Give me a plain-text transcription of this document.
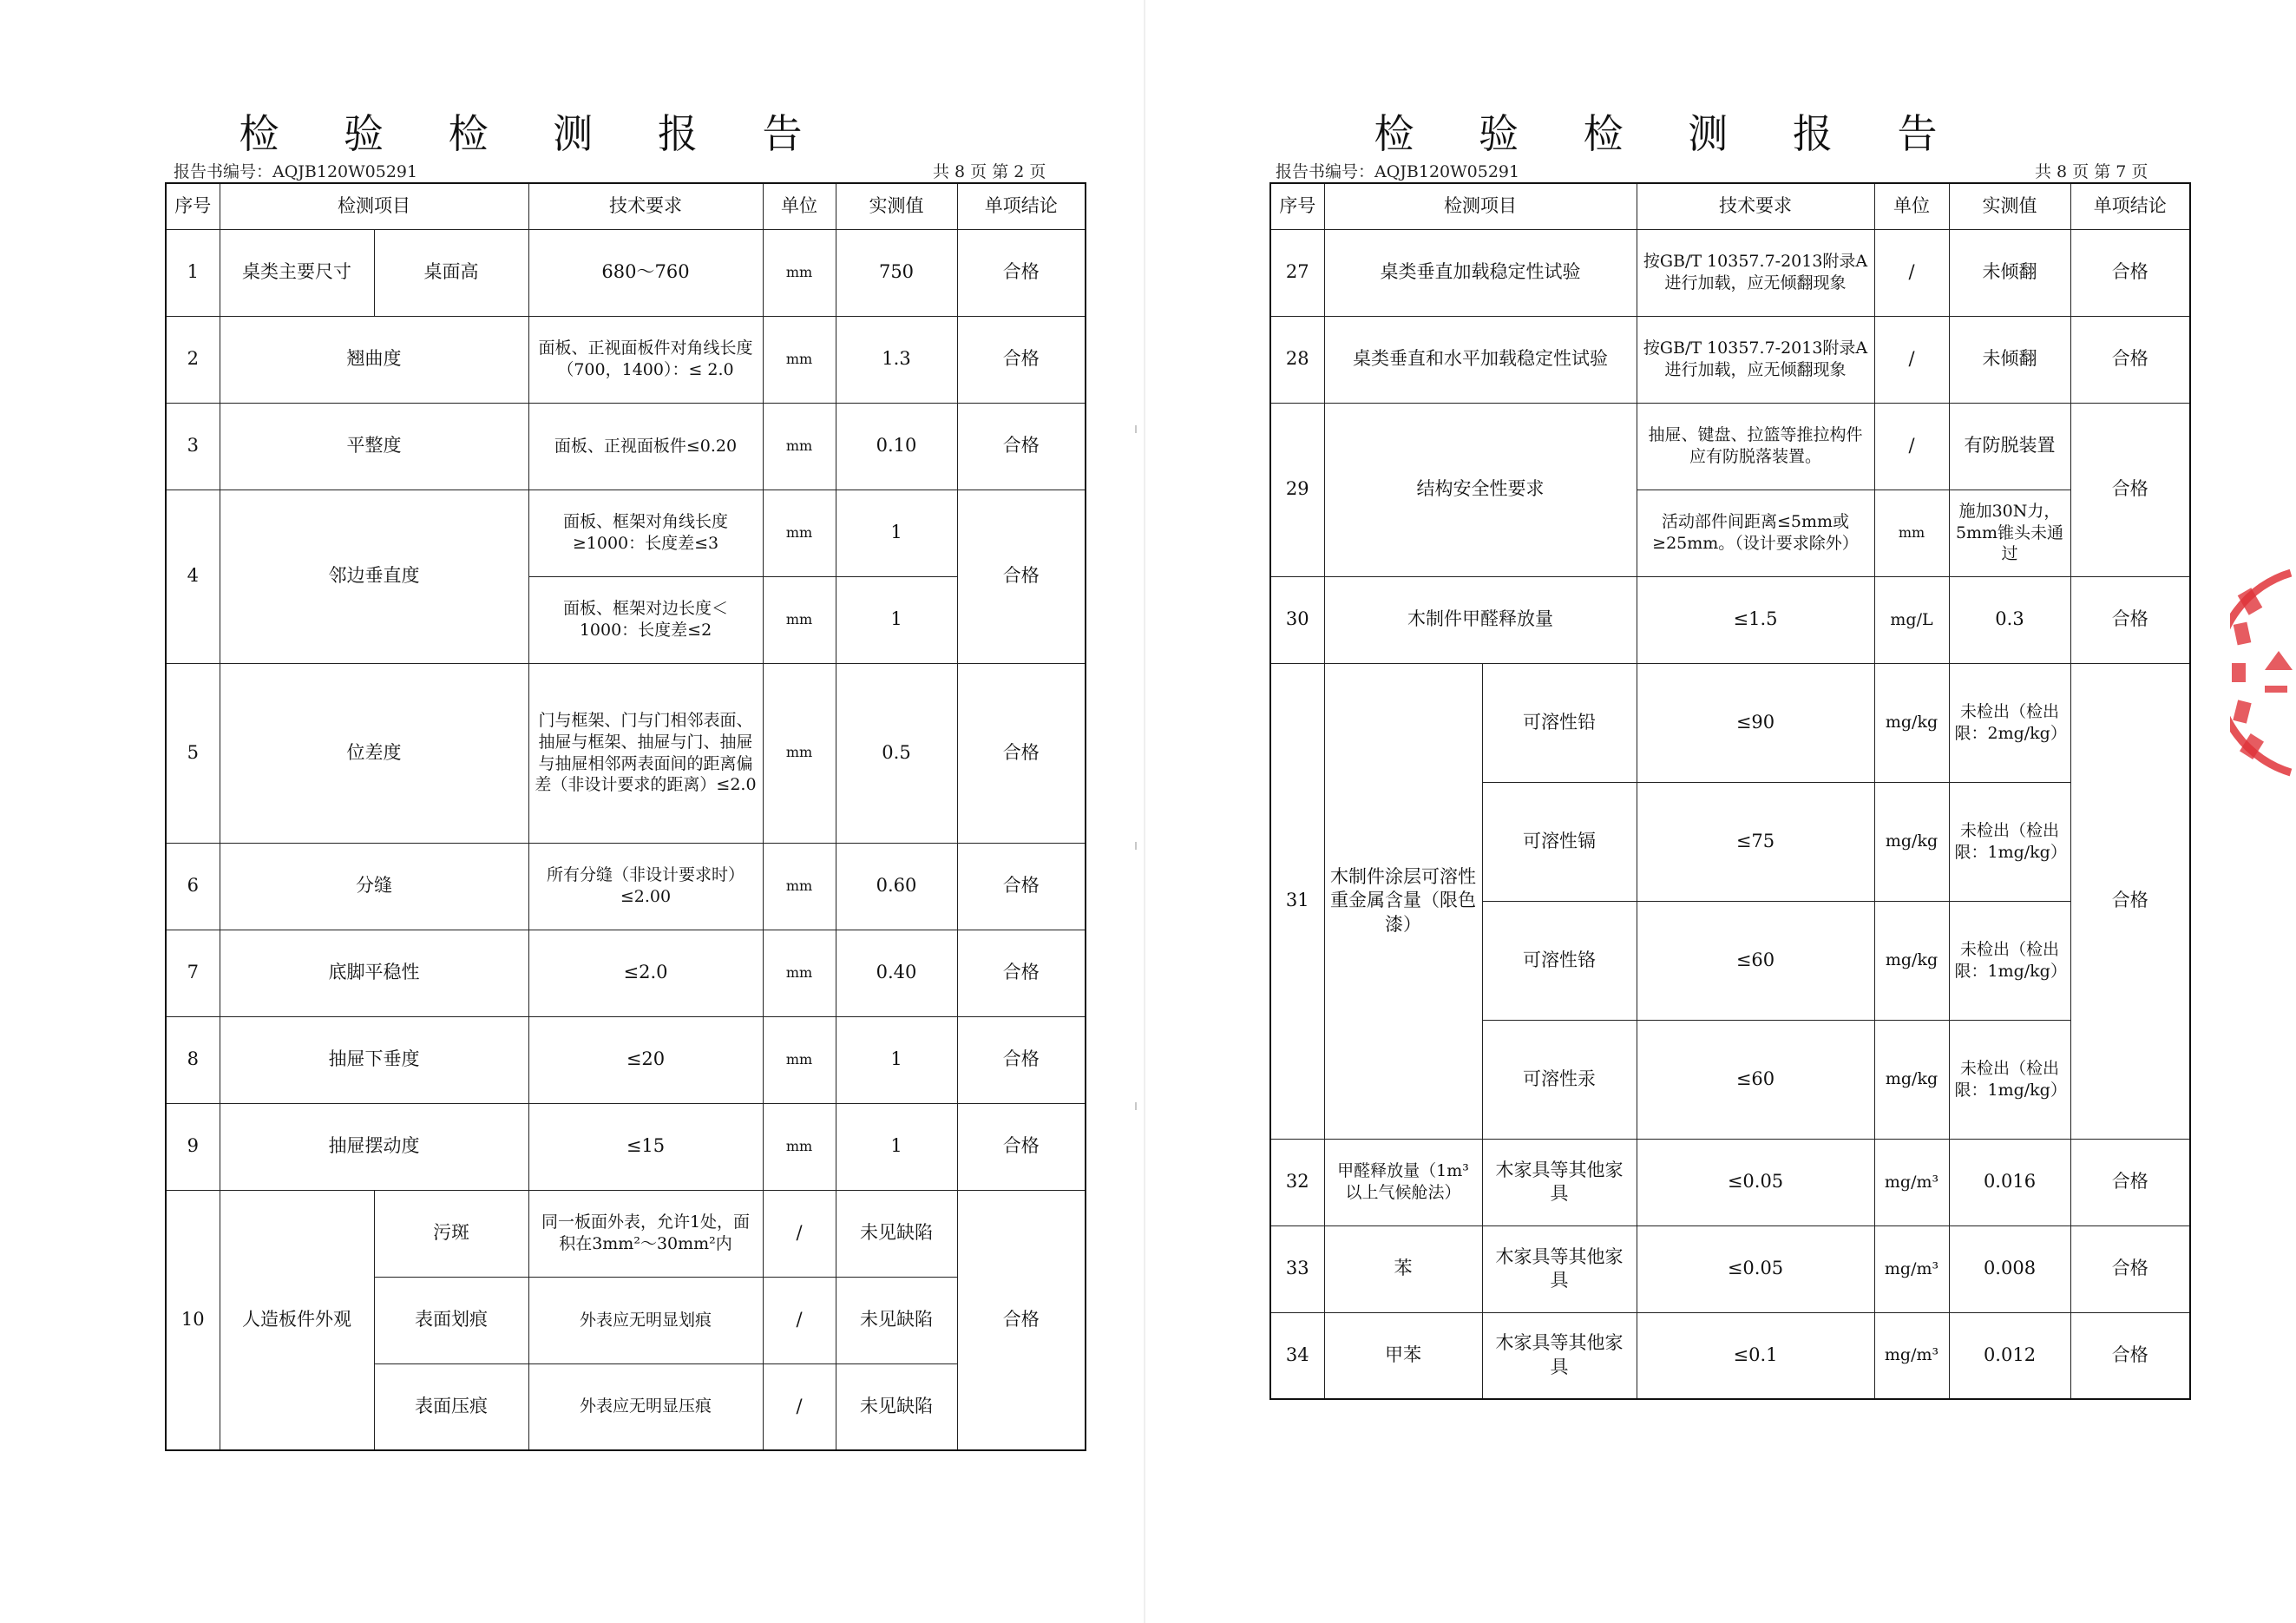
检 验 检 测 报 告
报告书编号：AQJB120W05291	共 8 页 第 2 页
序号	检测项目		技术要求	单位	实测值	单项结论
1	桌类主要尺寸	桌面高	680～760	mm	750	合格
2	翘曲度		面板、正视面板件对角线长度（700，1400）：≤ 2.0	mm	1.3	合格
3	平整度		面板、正视面板件≤0.20	mm	0.10	合格
4	邻边垂直度		面板、框架对角线长度≥1000：长度差≤3	mm	1	合格
			面板、框架对边长度＜1000：长度差≤2	mm	1	
5	位差度		门与框架、门与门相邻表面、抽屉与框架、抽屉与门、抽屉与抽屉相邻两表面间的距离偏差（非设计要求的距离）≤2.0	mm	0.5	合格
6	分缝		所有分缝（非设计要求时）≤2.00	mm	0.60	合格
7	底脚平稳性		≤2.0	mm	0.40	合格
8	抽屉下垂度		≤20	mm	1	合格
9	抽屉摆动度		≤15	mm	1	合格
10	人造板件外观	污斑	同一板面外表，允许1处，面积在3mm²～30mm²内	/	未见缺陷	合格
		表面划痕	外表应无明显划痕	/	未见缺陷	
		表面压痕	外表应无明显压痕	/	未见缺陷	
检 验 检 测 报 告
报告书编号：AQJB120W05291	共 8 页 第 7 页
序号	检测项目		技术要求	单位	实测值	单项结论
27	桌类垂直加载稳定性试验		按GB/T 10357.7-2013附录A进行加载，应无倾翻现象	/	未倾翻	合格
28	桌类垂直和水平加载稳定性试验		按GB/T 10357.7-2013附录A进行加载，应无倾翻现象	/	未倾翻	合格
29	结构安全性要求		抽屉、键盘、拉篮等推拉构件应有防脱落装置。	/	有防脱装置	合格
			活动部件间距离≤5mm或≥25mm。（设计要求除外）	mm	施加30N力，5mm锥头未通过	
30	木制件甲醛释放量		≤1.5	mg/L	0.3	合格
31	木制件涂层可溶性重金属含量（限色漆）	可溶性铅	≤90	mg/kg	未检出（检出限：2mg/kg）	合格
		可溶性镉	≤75	mg/kg	未检出（检出限：1mg/kg）	
		可溶性铬	≤60	mg/kg	未检出（检出限：1mg/kg）	
		可溶性汞	≤60	mg/kg	未检出（检出限：1mg/kg）	
32	甲醛释放量（1m³以上气候舱法）	木家具等其他家具	≤0.05	mg/m³	0.016	合格
33	苯	木家具等其他家具	≤0.05	mg/m³	0.008	合格
34	甲苯	木家具等其他家具	≤0.1	mg/m³	0.012	合格
